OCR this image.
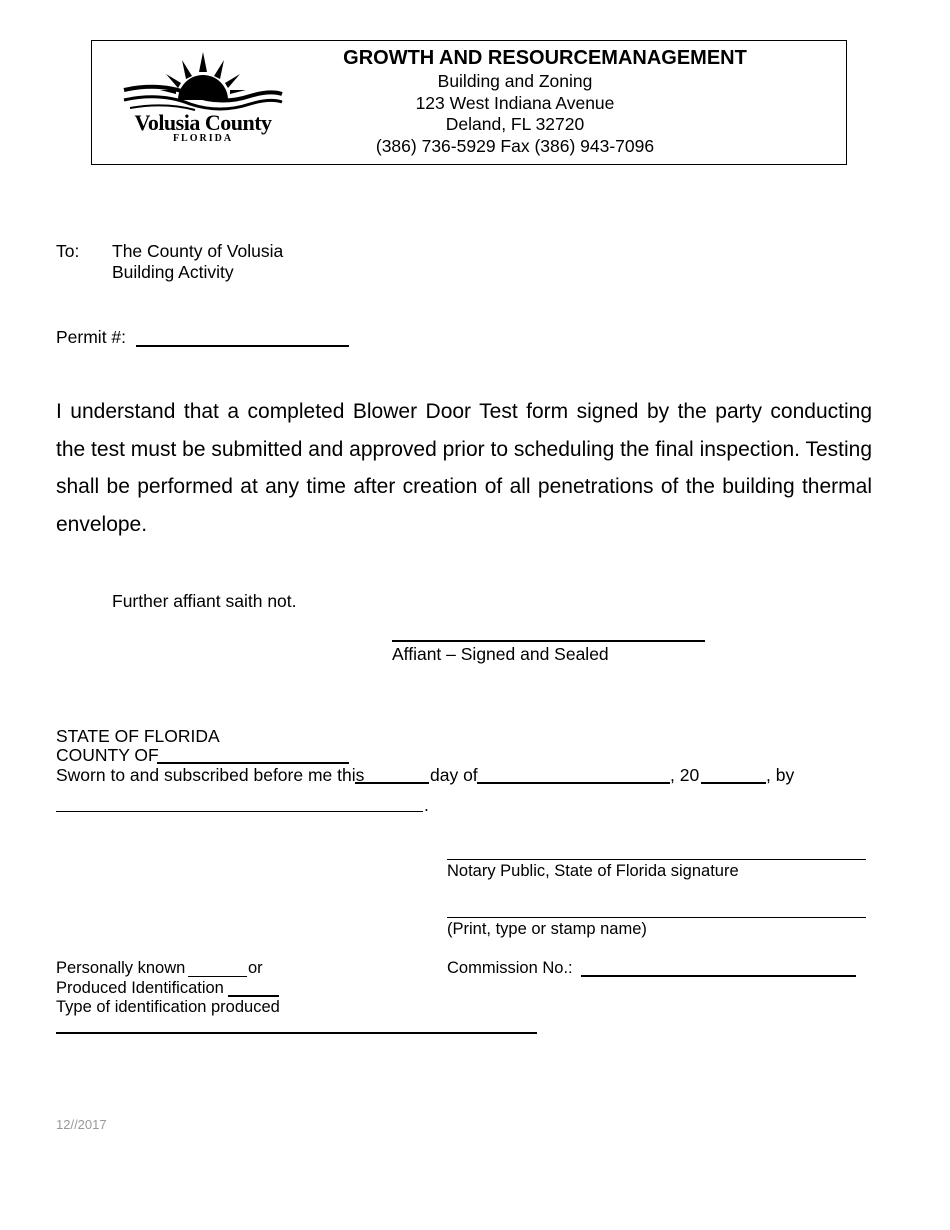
Volusia County
FLORIDA
GROWTH AND RESOURCEMANAGEMENT
Building and Zoning
123 West Indiana Avenue
Deland, FL 32720
(386) 736-5929 Fax (386) 943-7096
To: The County of Volusia
Building Activity
Permit #:
I understand that a completed Blower Door Test form signed by the party conducting the test must be submitted and approved prior to scheduling the final inspection. Testing shall be performed at any time after creation of all penetrations of the building thermal envelope.
Further affiant saith not.
Affiant – Signed and Sealed
STATE OF FLORIDA
COUNTY OF
Sworn to and subscribed before me this	day of	, 20	, by
.
Notary Public, State of Florida signature
(Print, type or stamp name)
Commission No.:
Personally known	or
Produced Identification
Type of identification produced
12//2017
